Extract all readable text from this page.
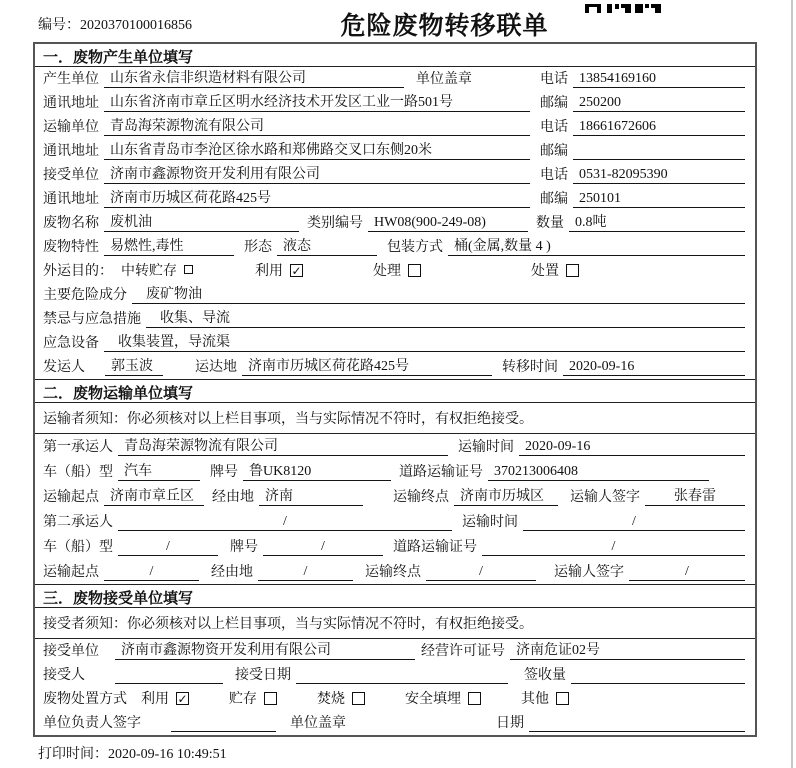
编号：2020370100016856	危险废物转移联单
一．废物产生单位填写
产生单位 山东省永信非织造材料有限公司	单位盖章	电话 13854169160
通讯地址 山东省济南市章丘区明水经济技术开发区工业一路501号	邮编 250200
运输单位 青岛海荣源物流有限公司	电话 18661672606
通讯地址 山东省青岛市李沧区徐水路和郑佛路交叉口东侧20米	邮编
接受单位 济南市鑫源物资开发利用有限公司	电话 0531-82095390
通讯地址 济南市历城区荷花路425号	邮编 250101
废物名称 废机油	类别编号 HW08(900-249-08)	数量 0.8吨
废物特性 易燃性,毒性	形态 液态	包装方式 桶(金属,数量 4 )
外运目的： 中转贮存	利用 ✓	处理	处置
主要危险成分	废矿物油
禁忌与应急措施	收集、导流
应急设备	收集装置，导流渠
发运人	郭玉波	运达地 济南市历城区荷花路425号	转移时间 2020-09-16
二．废物运输单位填写
运输者须知：你必须核对以上栏目事项，当与实际情况不符时，有权拒绝接受。
第一承运人 青岛海荣源物流有限公司	运输时间 2020-09-16
车（船）型 汽车	牌号 鲁UK8120	道路运输证号 370213006408
运输起点 济南市章丘区	经由地 济南	运输终点 济南市历城区	运输人签字	张春雷
第二承运人	/	运输时间	/
车（船）型	/	牌号	/	道路运输证号	/
运输起点	/	经由地	/	运输终点	/	运输人签字	/
三．废物接受单位填写
接受者须知：你必须核对以上栏目事项，当与实际情况不符时，有权拒绝接受。
接受单位	济南市鑫源物资开发利用有限公司	经营许可证号 济南危证02号
接受人	接受日期	签收量
废物处置方式 利用 ✓	贮存	焚烧	安全填埋	其他
单位负责人签字	单位盖章	日期
打印时间：2020-09-16 10:49:51
